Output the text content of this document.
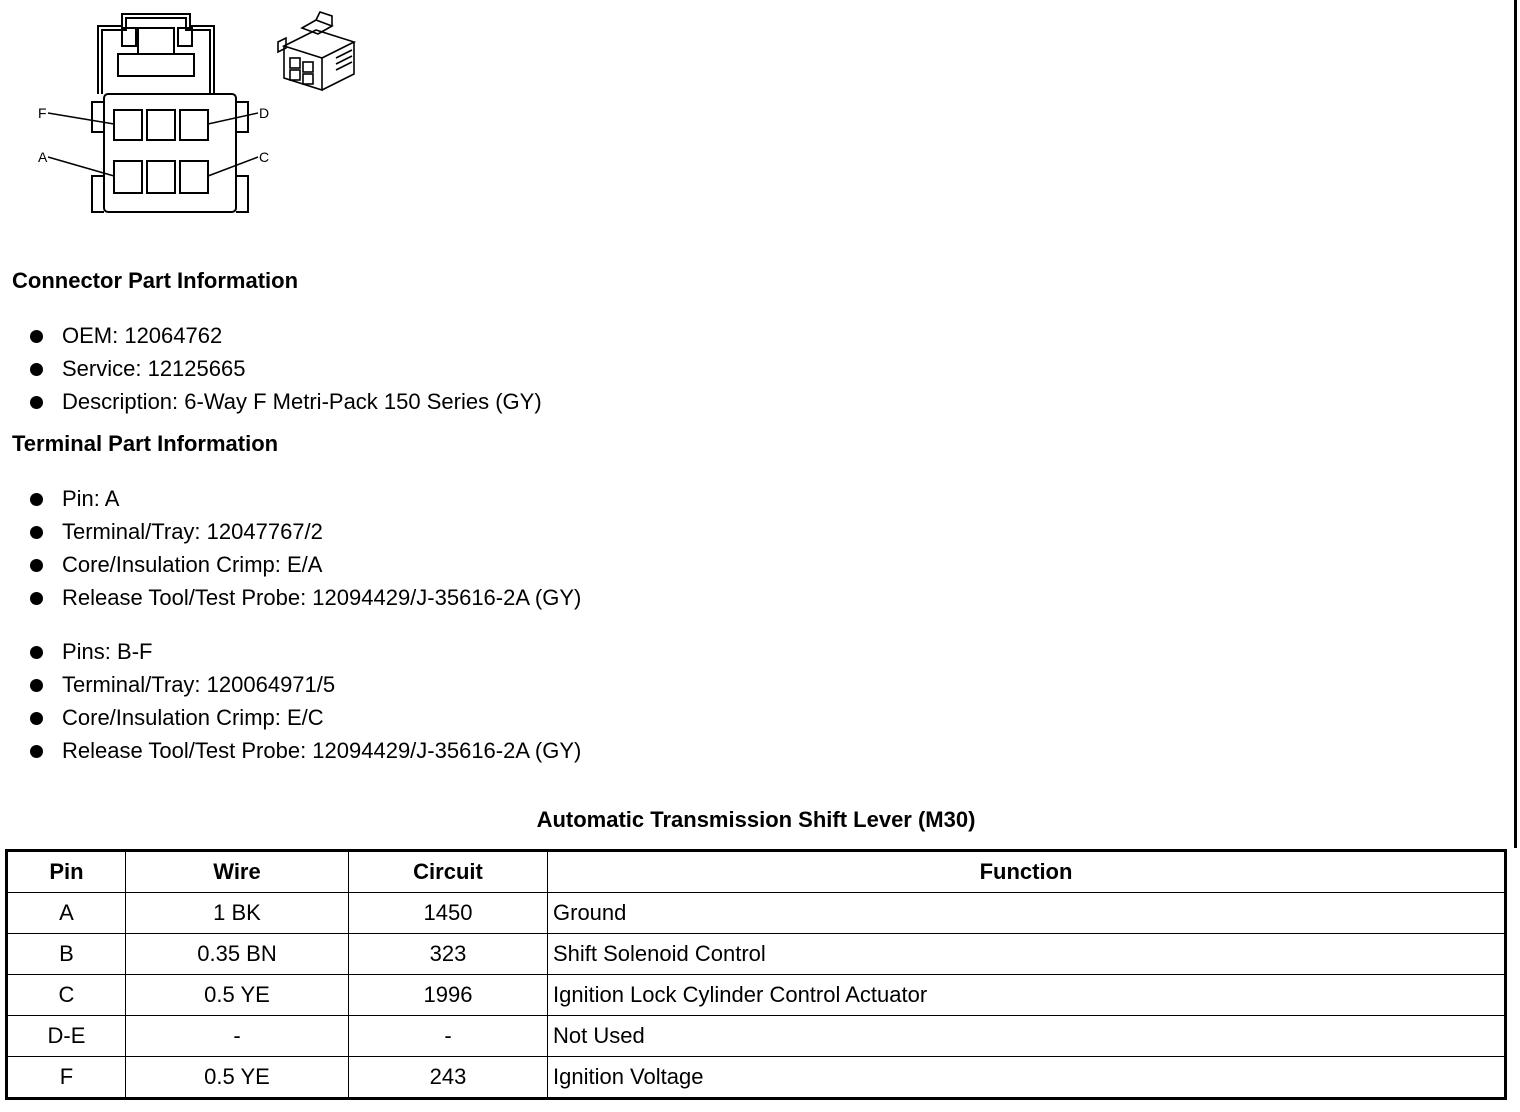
F	D
A	C
Connector Part Information
OEM: 12064762
Service: 12125665
Description: 6-Way F Metri-Pack 150 Series (GY)
Terminal Part Information
Pin: A
Terminal/Tray: 12047767/2
Core/Insulation Crimp: E/A
Release Tool/Test Probe: 12094429/J-35616-2A (GY)
Pins: B-F
Terminal/Tray: 120064971/5
Core/Insulation Crimp: E/C
Release Tool/Test Probe: 12094429/J-35616-2A (GY)
Automatic Transmission Shift Lever (M30)
Pin	Wire	Circuit	Function
A	1 BK	1450	Ground
B	0.35 BN	323	Shift Solenoid Control
C	0.5 YE	1996	Ignition Lock Cylinder Control Actuator
D-E	-	-	Not Used
F	0.5 YE	243	Ignition Voltage
